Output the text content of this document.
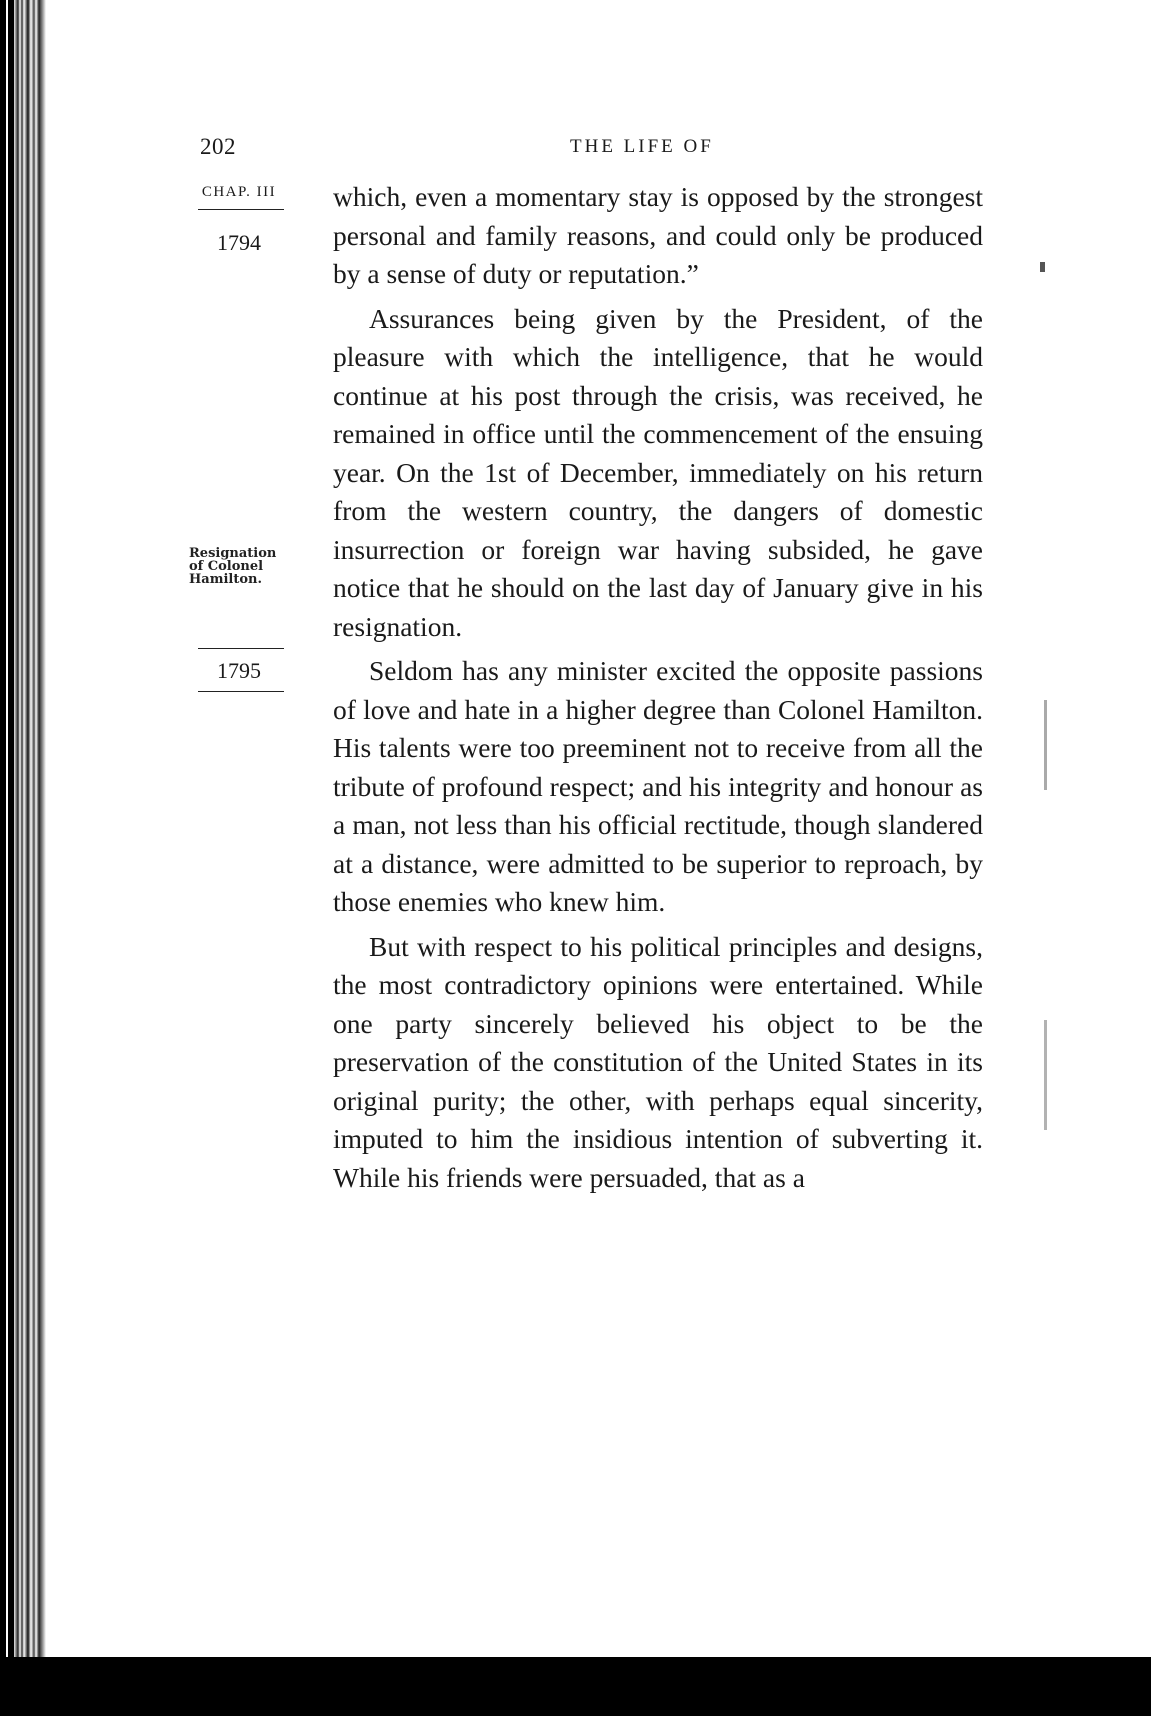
202	THE LIFE OF
CHAP. III
1794
Resignation
of Colonel
Hamilton.
1795

which, even a momentary stay is opposed by the strongest personal and family reasons, and could only be produced by a sense of duty or reputation.”

Assurances being given by the President, of the pleasure with which the intelligence, that he would continue at his post through the crisis, was received, he remained in office until the commencement of the ensuing year. On the 1st of December, immediately on his return from the western country, the dangers of domestic insurrection or foreign war having subsided, he gave notice that he should on the last day of January give in his resignation.

Seldom has any minister excited the opposite passions of love and hate in a higher degree than Colonel Hamilton. His talents were too preeminent not to receive from all the tribute of profound respect; and his integrity and honour as a man, not less than his official rectitude, though slandered at a distance, were admitted to be superior to reproach, by those enemies who knew him.

But with respect to his political principles and designs, the most contradictory opinions were entertained. While one party sincerely believed his object to be the preservation of the constitution of the United States in its original purity; the other, with perhaps equal sincerity, imputed to him the insidious intention of subverting it. While his friends were persuaded, that as a
